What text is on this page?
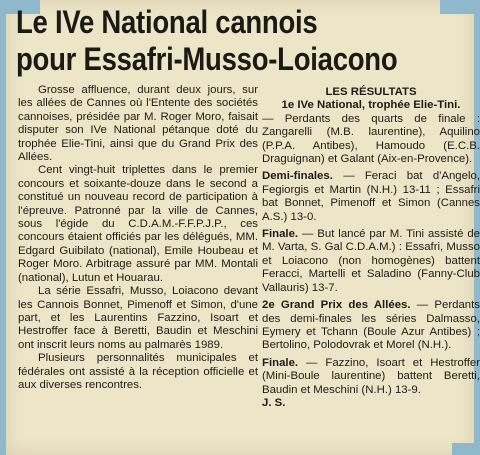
Le IVe National cannois
pour Essafri-Musso-Loiacono

Grosse affluence, durant deux jours, sur les allées de Cannes où l'Entente des sociétés cannoises, présidée par M. Roger Moro, faisait disputer son IVe National pétanque doté du trophée Elie-Tini, ainsi que du Grand Prix des Allées.

Cent vingt-huit triplettes dans le premier concours et soixante-douze dans le second a constitué un nouveau record de participation à l'épreuve. Patronné par la ville de Cannes, sous l'égide du C.D.A.M.-F.F.P.J.P., ces concours étaient officiés par les délégués, MM. Edgard Guibilato (national), Emile Houbeau et Roger Moro. Arbitrage assuré par MM. Montali (national), Lutun et Houarau.

La série Essafri, Musso, Loiacono devant les Cannois Bonnet, Pimenoff et Simon, d'une part, et les Laurentins Fazzino, Isoart et Hestroffer face à Beretti, Baudin et Meschini ont inscrit leurs noms au palmarès 1989.

Plusieurs personnalités municipales et fédérales ont assisté à la réception officielle et aux diverses rencontres.

LES RÉSULTATS

1e IVe National, trophée Elie-Tini.

— Perdants des quarts de finale : Zangarelli (M.B. laurentine), Aquilino (P.P.A. Antibes), Hamoudo (E.C.B. Draguignan) et Galant (Aix-en-Provence).

Demi-finales. — Feraci bat d'Angelo, Fegiorgis et Martin (N.H.) 13-11 ; Essafri bat Bonnet, Pimenoff et Simon (Cannes A.S.) 13-0.

Finale. — But lancé par M. Tini assisté de M. Varta, S. Gal C.D.A.M.) : Essafri, Musso et Loiacono (non homogènes) battent Feracci, Martelli et Saladino (Fanny-Club Vallauris) 13-7.

2e Grand Prix des Allées. — Perdants des demi-finales les séries Dalmasso, Eymery et Tchann (Boule Azur Antibes) ; Bertolino, Polodovrak et Morel (N.H.).

Finale. — Fazzino, Isoart et Hestroffer (Mini-Boule laurentine) battent Beretti, Baudin et Meschini (N.H.) 13-9.

J. S.
